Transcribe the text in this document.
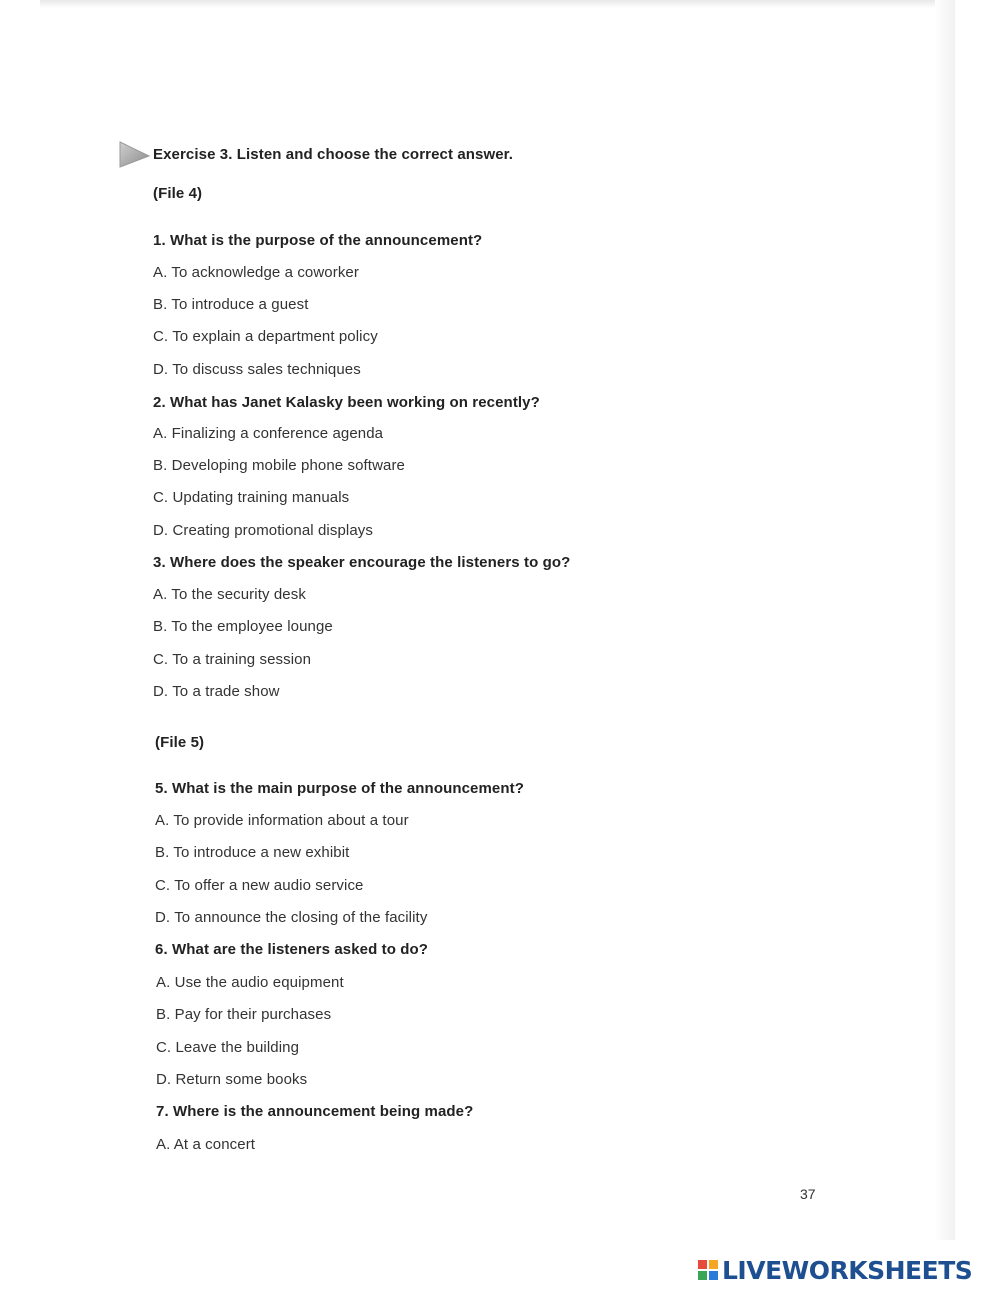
Exercise 3. Listen and choose the correct answer.
(File 4)
1. What is the purpose of the announcement?
A. To acknowledge a coworker
B. To introduce a guest
C. To explain a department policy
D. To discuss sales techniques
2. What has Janet Kalasky been working on recently?
A. Finalizing a conference agenda
B. Developing mobile phone software
C. Updating training manuals
D. Creating promotional displays
3. Where does the speaker encourage the listeners to go?
A. To the security desk
B. To the employee lounge
C. To a training session
D. To a trade show
(File 5)
5. What is the main purpose of the announcement?
A. To provide information about a tour
B. To introduce a new exhibit
C. To offer a new audio service
D. To announce the closing of the facility
6. What are the listeners asked to do?
A. Use the audio equipment
B. Pay for their purchases
C. Leave the building
D. Return some books
7. Where is the announcement being made?
A. At a concert
37
LIVEWORKSHEETS
